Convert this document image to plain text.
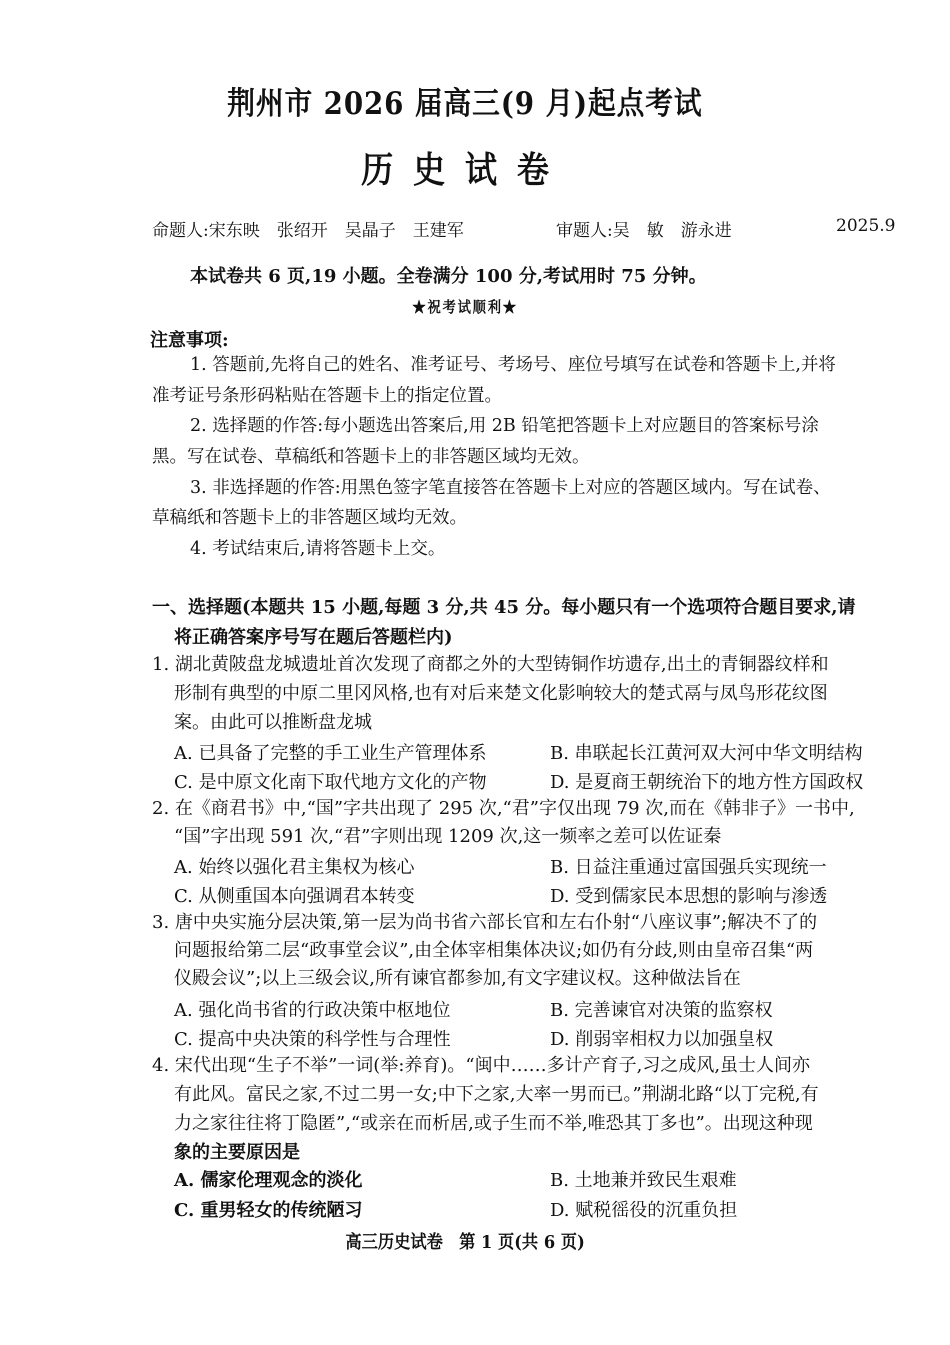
荆州市 2026 届高三(9 月)起点考试
历史试卷
命题人:宋东映　张绍开　吴晶子　王建军	审题人:吴　敏　游永进	2025.9
本试卷共 6 页,19 小题。全卷满分 100 分,考试用时 75 分钟。
★祝考试顺利★
注意事项:
1. 答题前,先将自己的姓名、准考证号、考场号、座位号填写在试卷和答题卡上,并将
准考证号条形码粘贴在答题卡上的指定位置。
2. 选择题的作答:每小题选出答案后,用 2B 铅笔把答题卡上对应题目的答案标号涂
黑。写在试卷、草稿纸和答题卡上的非答题区域均无效。
3. 非选择题的作答:用黑色签字笔直接答在答题卡上对应的答题区域内。写在试卷、
草稿纸和答题卡上的非答题区域均无效。
4. 考试结束后,请将答题卡上交。
一、选择题(本题共 15 小题,每题 3 分,共 45 分。每小题只有一个选项符合题目要求,请
将正确答案序号写在题后答题栏内)
1. 湖北黄陂盘龙城遗址首次发现了商都之外的大型铸铜作坊遗存,出土的青铜器纹样和
形制有典型的中原二里冈风格,也有对后来楚文化影响较大的楚式鬲与凤鸟形花纹图
案。由此可以推断盘龙城
A. 已具备了完整的手工业生产管理体系	B. 串联起长江黄河双大河中华文明结构
C. 是中原文化南下取代地方文化的产物	D. 是夏商王朝统治下的地方性方国政权
2. 在《商君书》中,“国”字共出现了 295 次,“君”字仅出现 79 次,而在《韩非子》一书中,
“国”字出现 591 次,“君”字则出现 1209 次,这一频率之差可以佐证秦
A. 始终以强化君主集权为核心	B. 日益注重通过富国强兵实现统一
C. 从侧重国本向强调君本转变	D. 受到儒家民本思想的影响与渗透
3. 唐中央实施分层决策,第一层为尚书省六部长官和左右仆射“八座议事”;解决不了的
问题报给第二层“政事堂会议”,由全体宰相集体决议;如仍有分歧,则由皇帝召集“两
仪殿会议”;以上三级会议,所有谏官都参加,有文字建议权。这种做法旨在
A. 强化尚书省的行政决策中枢地位	B. 完善谏官对决策的监察权
C. 提高中央决策的科学性与合理性	D. 削弱宰相权力以加强皇权
4. 宋代出现“生子不举”一词(举:养育)。“闽中……多计产育子,习之成风,虽士人间亦
有此风。富民之家,不过二男一女;中下之家,大率一男而已。”荆湖北路“以丁完税,有
力之家往往将丁隐匿”,“或亲在而析居,或子生而不举,唯恐其丁多也”。出现这种现
象的主要原因是
A. 儒家伦理观念的淡化	B. 土地兼并致民生艰难
C. 重男轻女的传统陋习	D. 赋税徭役的沉重负担
高三历史试卷　第 1 页(共 6 页)
